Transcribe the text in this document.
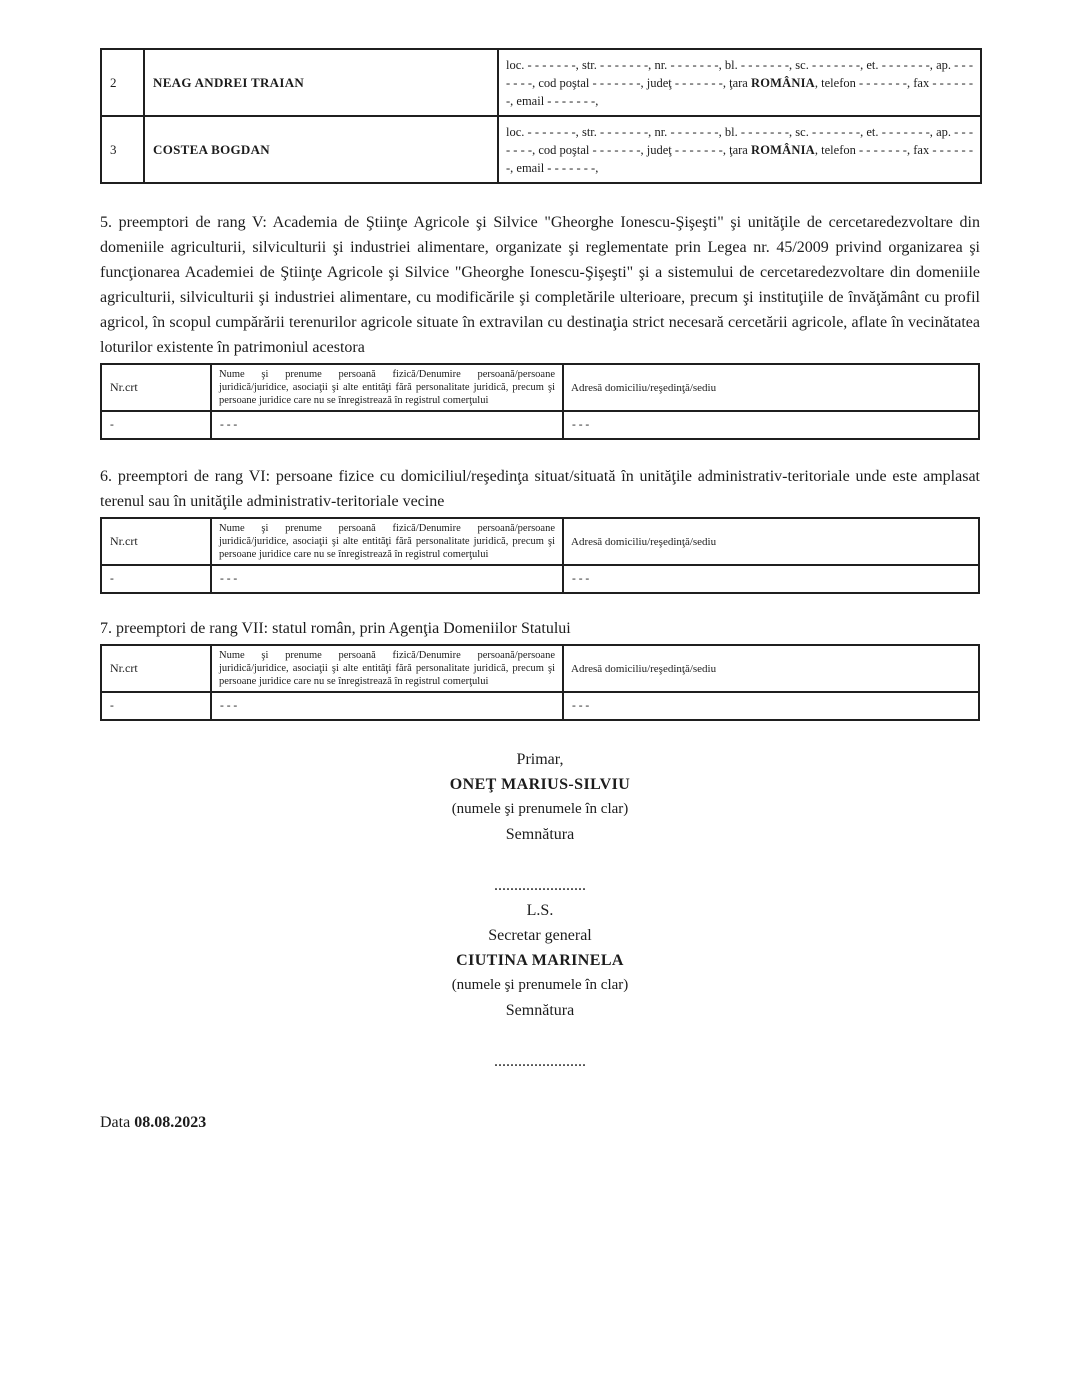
2	NEAG ANDREI TRAIAN	loc. - - - - - - -, str. - - - - - - -, nr. - - - - - - -, bl. - - - - - - -, sc. - - - - - - -, et. - - - - - - -, ap. - - - - - - -, cod poştal - - - - - - -, judeţ - - - - - - -, ţara ROMÂNIA, telefon - - - - - - -, fax - - - - - - -, email - - - - - - -,
3	COSTEA BOGDAN	loc. - - - - - - -, str. - - - - - - -, nr. - - - - - - -, bl. - - - - - - -, sc. - - - - - - -, et. - - - - - - -, ap. - - - - - - -, cod poştal - - - - - - -, judeţ - - - - - - -, ţara ROMÂNIA, telefon - - - - - - -, fax - - - - - - -, email - - - - - - -,

5. preemptori de rang V: Academia de Ştiinţe Agricole şi Silvice "Gheorghe Ionescu-Şişeşti" şi unităţile de cercetaredezvoltare din domeniile agriculturii, silviculturii şi industriei alimentare, organizate şi reglementate prin Legea nr. 45/2009 privind organizarea şi funcţionarea Academiei de Ştiinţe Agricole şi Silvice "Gheorghe Ionescu-Şişeşti" şi a sistemului de cercetaredezvoltare din domeniile agriculturii, silviculturii şi industriei alimentare, cu modificările şi completările ulterioare, precum şi instituţiile de învăţământ cu profil agricol, în scopul cumpărării terenurilor agricole situate în extravilan cu destinaţia strict necesară cercetării agricole, aflate în vecinătatea loturilor existente în patrimoniul acestora

Nr.crt	Nume şi prenume persoană fizică/Denumire persoană/persoane juridică/juridice, asociaţii şi alte entităţi fără personalitate juridică, precum şi persoane juridice care nu se înregistrează în registrul comerţului	Adresă domiciliu/reşedinţă/sediu
-	- - -	- - -

6. preemptori de rang VI: persoane fizice cu domiciliul/reşedinţa situat/situată în unităţile administrativ-teritoriale unde este amplasat terenul sau în unităţile administrativ-teritoriale vecine

Nr.crt	Nume şi prenume persoană fizică/Denumire persoană/persoane juridică/juridice, asociaţii şi alte entităţi fără personalitate juridică, precum şi persoane juridice care nu se înregistrează în registrul comerţului	Adresă domiciliu/reşedinţă/sediu
-	- - -	- - -

7. preemptori de rang VII: statul român, prin Agenţia Domeniilor Statului

Nr.crt	Nume şi prenume persoană fizică/Denumire persoană/persoane juridică/juridice, asociaţii şi alte entităţi fără personalitate juridică, precum şi persoane juridice care nu se înregistrează în registrul comerţului	Adresă domiciliu/reşedinţă/sediu
-	- - -	- - -
Primar,
ONEŢ MARIUS-SILVIU
(numele şi prenumele în clar)
Semnătura
.......................
L.S.
Secretar general
CIUTINA MARINELA
(numele şi prenumele în clar)
Semnătura
.......................
Data 08.08.2023
